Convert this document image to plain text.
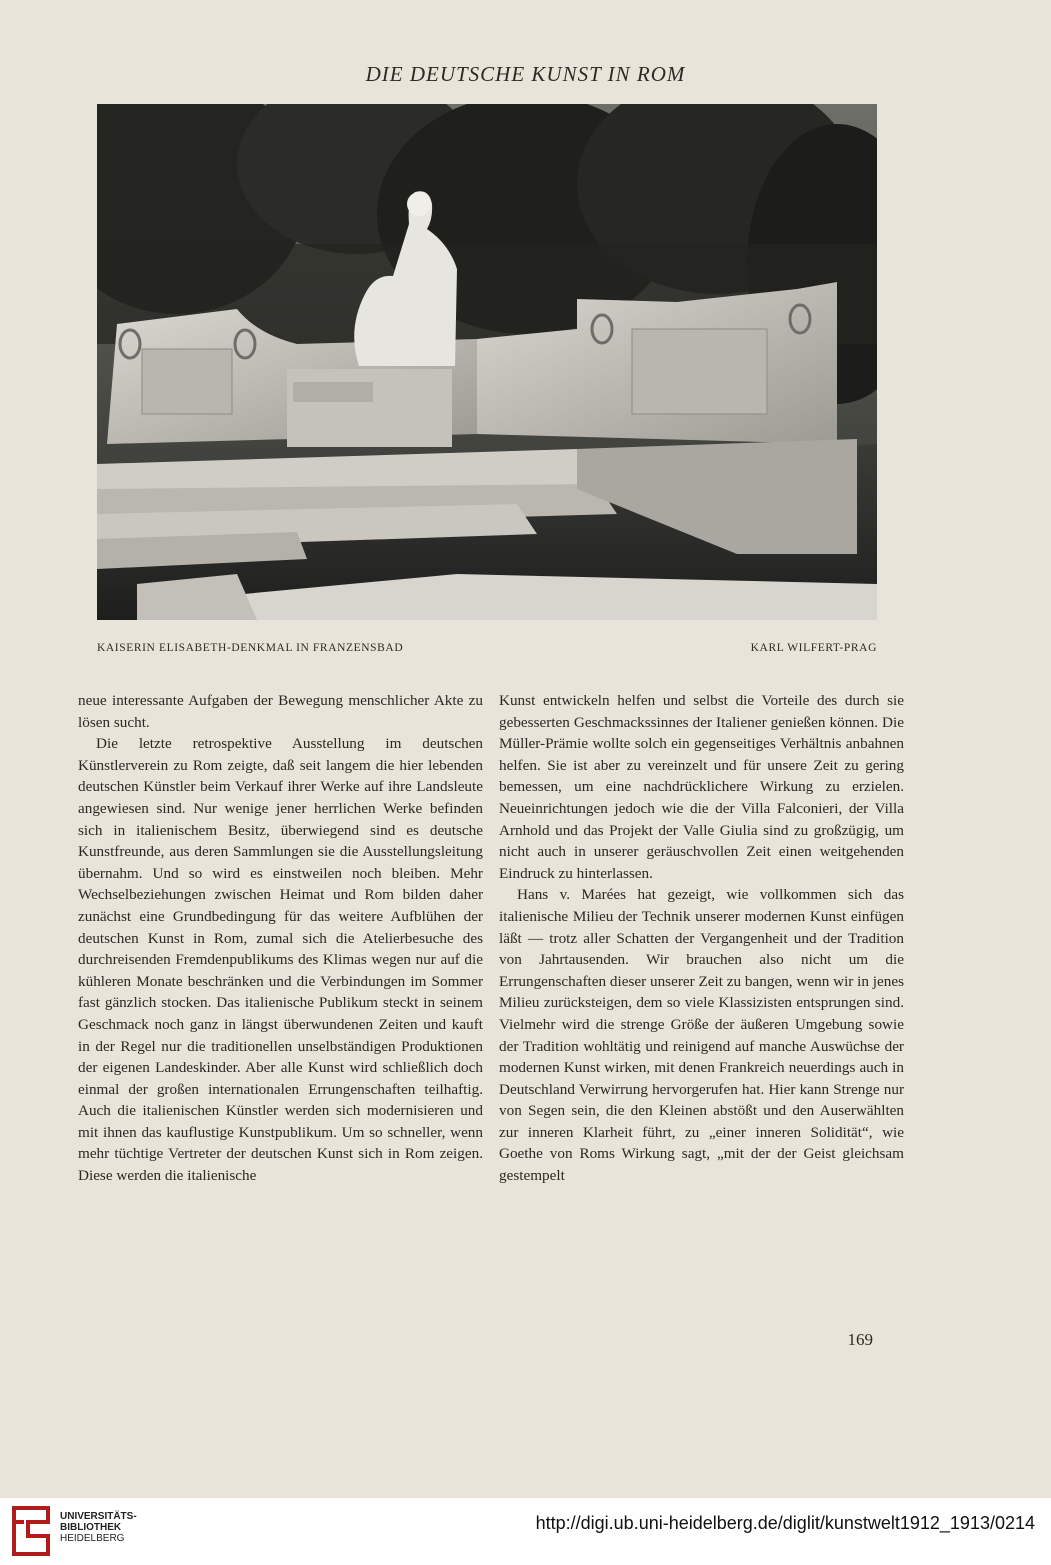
DIE DEUTSCHE KUNST IN ROM
KAISERIN ELISABETH-DENKMAL IN FRANZENSBAD	KARL WILFERT-PRAG

neue interessante Aufgaben der Bewegung menschlicher Akte zu lösen sucht.

Die letzte retrospektive Ausstellung im deutschen Künstlerverein zu Rom zeigte, daß seit langem die hier lebenden deutschen Künstler beim Verkauf ihrer Werke auf ihre Landsleute angewiesen sind. Nur wenige jener herrlichen Werke befinden sich in italienischem Besitz, überwiegend sind es deutsche Kunstfreunde, aus deren Sammlungen sie die Ausstellungsleitung übernahm. Und so wird es einstweilen noch bleiben. Mehr Wechselbeziehungen zwischen Heimat und Rom bilden daher zunächst eine Grundbedingung für das weitere Aufblühen der deutschen Kunst in Rom, zumal sich die Atelierbesuche des durchreisenden Fremdenpublikums des Klimas wegen nur auf die kühleren Monate beschränken und die Verbindungen im Sommer fast gänzlich stocken. Das italienische Publikum steckt in seinem Geschmack noch ganz in längst überwundenen Zeiten und kauft in der Regel nur die traditionellen unselbständigen Produktionen der eigenen Landeskinder. Aber alle Kunst wird schließlich doch einmal der großen internationalen Errungenschaften teilhaftig. Auch die italienischen Künstler werden sich modernisieren und mit ihnen das kauflustige Kunstpublikum. Um so schneller, wenn mehr tüchtige Vertreter der deutschen Kunst sich in Rom zeigen. Diese werden die italienische

Kunst entwickeln helfen und selbst die Vorteile des durch sie gebesserten Geschmackssinnes der Italiener genießen können. Die Müller-Prämie wollte solch ein gegenseitiges Verhältnis anbahnen helfen. Sie ist aber zu vereinzelt und für unsere Zeit zu gering bemessen, um eine nachdrücklichere Wirkung zu erzielen. Neueinrichtungen jedoch wie die der Villa Falconieri, der Villa Arnhold und das Projekt der Valle Giulia sind zu großzügig, um nicht auch in unserer geräuschvollen Zeit einen weitgehenden Eindruck zu hinterlassen.

Hans v. Marées hat gezeigt, wie vollkommen sich das italienische Milieu der Technik unserer modernen Kunst einfügen läßt — trotz aller Schatten der Vergangenheit und der Tradition von Jahrtausenden. Wir brauchen also nicht um die Errungenschaften dieser unserer Zeit zu bangen, wenn wir in jenes Milieu zurücksteigen, dem so viele Klassizisten entsprungen sind. Vielmehr wird die strenge Größe der äußeren Umgebung sowie der Tradition wohltätig und reinigend auf manche Auswüchse der modernen Kunst wirken, mit denen Frankreich neuerdings auch in Deutschland Verwirrung hervorgerufen hat. Hier kann Strenge nur von Segen sein, die den Kleinen abstößt und den Auserwählten zur inneren Klarheit führt, zu „einer inneren Solidität“, wie Goethe von Roms Wirkung sagt, „mit der der Geist gleichsam gestempelt

169
UNIVERSITÄTS-
BIBLIOTHEK
HEIDELBERG
http://digi.ub.uni-heidelberg.de/diglit/kunstwelt1912_1913/0214
